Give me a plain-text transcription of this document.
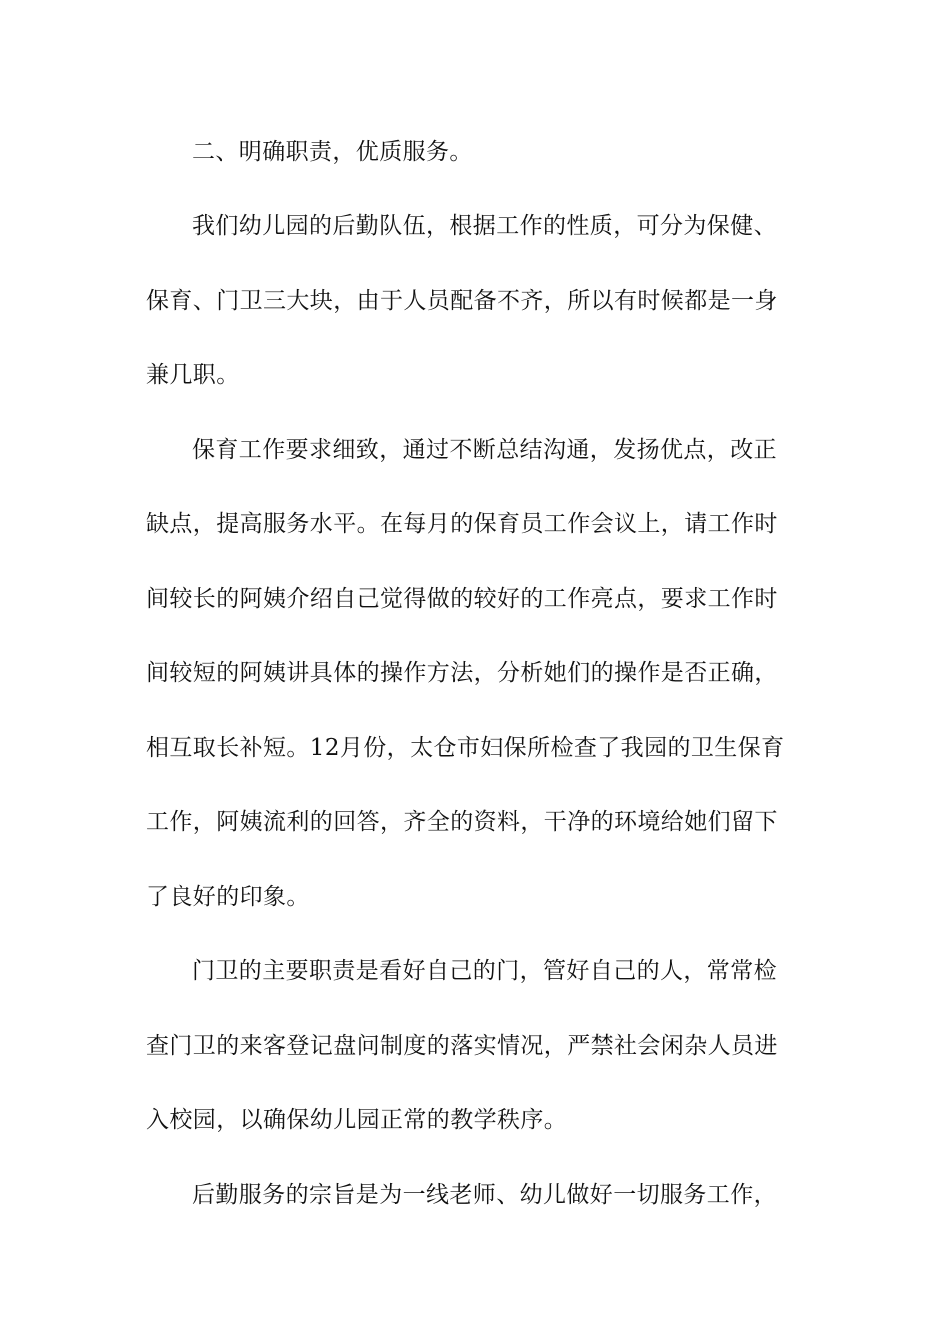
二、明确职责，优质服务。

我们幼儿园的后勤队伍，根据工作的性质，可分为保健、

保育、门卫三大块，由于人员配备不齐，所以有时候都是一身

兼几职。

保育工作要求细致，通过不断总结沟通，发扬优点，改正

缺点，提高服务水平。在每月的保育员工作会议上，请工作时

间较长的阿姨介绍自己觉得做的较好的工作亮点，要求工作时

间较短的阿姨讲具体的操作方法，分析她们的操作是否正确，

相互取长补短。12月份，太仓市妇保所检查了我园的卫生保育

工作，阿姨流利的回答，齐全的资料，干净的环境给她们留下

了良好的印象。

门卫的主要职责是看好自己的门，管好自己的人，常常检

查门卫的来客登记盘问制度的落实情况，严禁社会闲杂人员进

入校园，以确保幼儿园正常的教学秩序。

后勤服务的宗旨是为一线老师、幼儿做好一切服务工作，
